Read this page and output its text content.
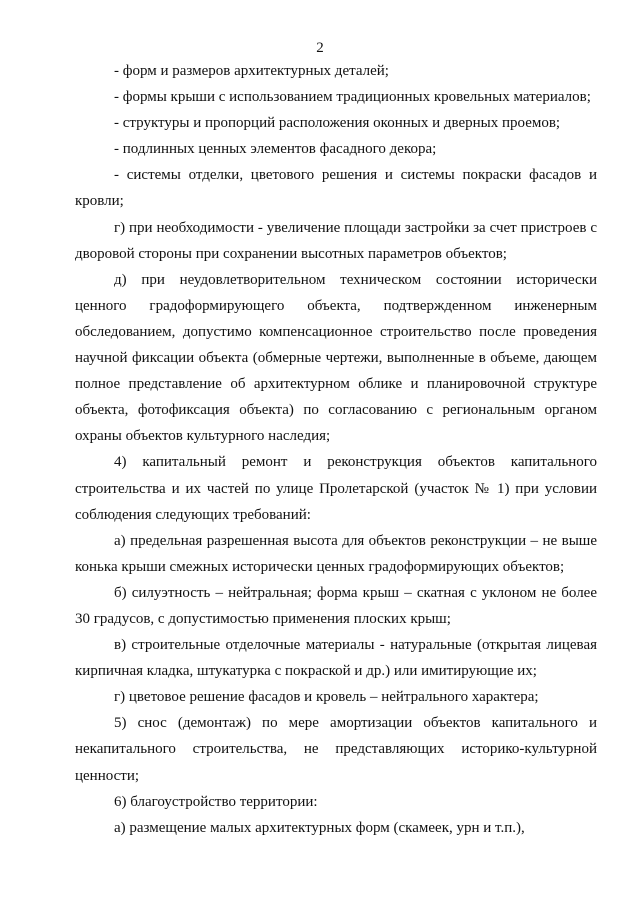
2

- форм и размеров архитектурных деталей;

- формы крыши с использованием традиционных кровельных материалов;

- структуры и пропорций расположения оконных и дверных проемов;

- подлинных ценных элементов фасадного декора;

- системы отделки, цветового решения и системы покраски фасадов и кровли;

г) при необходимости - увеличение площади застройки за счет пристроев с дворовой стороны при сохранении высотных параметров объектов;

д) при неудовлетворительном техническом состоянии исторически ценного градоформирующего объекта, подтвержденном инженерным обследованием, допустимо компенсационное строительство после проведения научной фиксации объекта (обмерные чертежи, выполненные в объеме, дающем полное представление об архитектурном облике и планировочной структуре объекта, фотофиксация объекта) по согласованию с региональным органом охраны объектов культурного наследия;

4) капитальный ремонт и реконструкция объектов капитального строительства и их частей по улице Пролетарской (участок № 1) при условии соблюдения следующих требований:

а) предельная разрешенная высота для объектов реконструкции – не выше конька крыши смежных исторически ценных градоформирующих объектов;

б) силуэтность – нейтральная; форма крыш – скатная с уклоном не более 30 градусов, с допустимостью применения плоских крыш;

в) строительные отделочные материалы - натуральные (открытая лицевая кирпичная кладка, штукатурка с покраской и др.) или имитирующие их;

г) цветовое решение фасадов и кровель – нейтрального характера;

5) снос (демонтаж) по мере амортизации объектов капитального и некапитального строительства, не представляющих историко-культурной ценности;

6) благоустройство территории:

а) размещение малых архитектурных форм (скамеек, урн и т.п.),
